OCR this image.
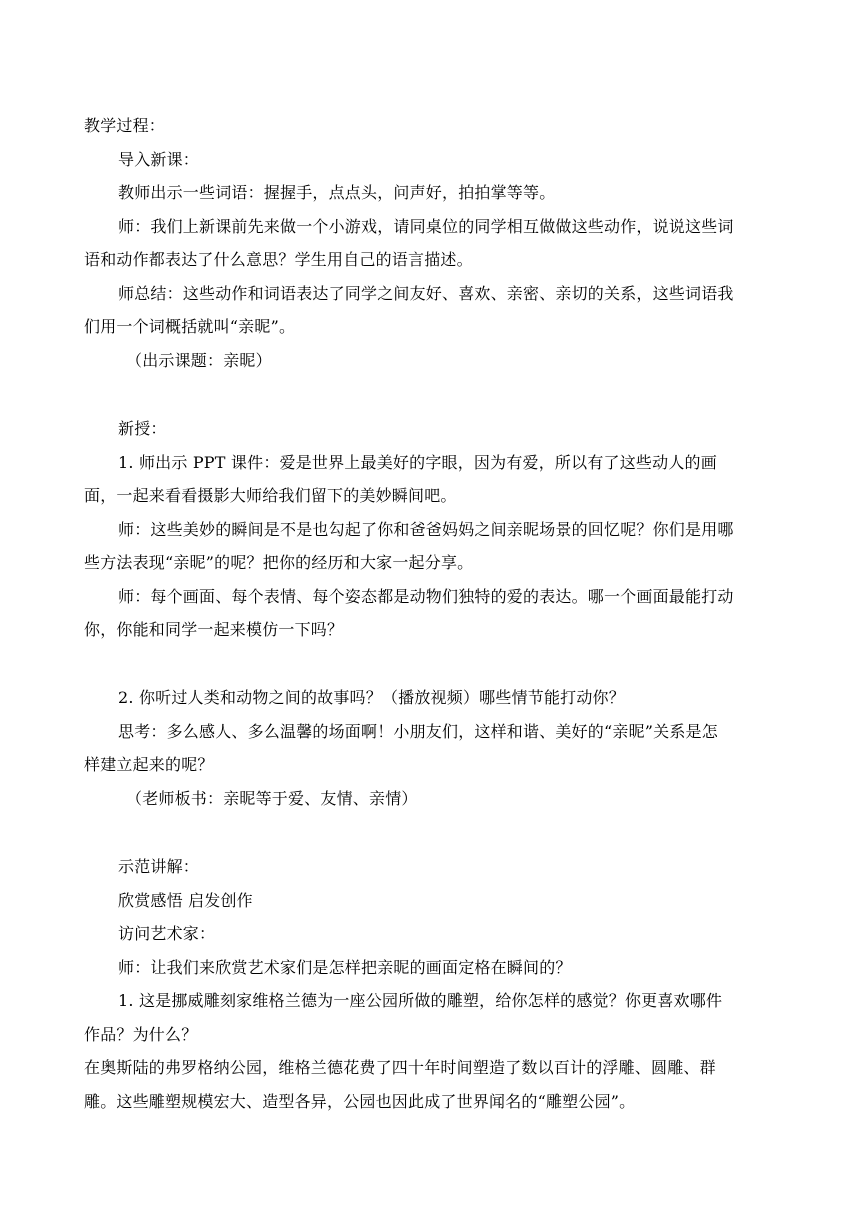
教学过程：
导入新课：
教师出示一些词语：握握手，点点头，问声好，拍拍掌等等。
师：我们上新课前先来做一个小游戏，请同桌位的同学相互做做这些动作，说说这些词
语和动作都表达了什么意思？学生用自己的语言描述。
师总结：这些动作和词语表达了同学之间友好、喜欢、亲密、亲切的关系，这些词语我
们用一个词概括就叫“亲昵”。
（出示课题：亲昵）
新授：
1. 师出示 PPT 课件：爱是世界上最美好的字眼，因为有爱，所以有了这些动人的画
面，一起来看看摄影大师给我们留下的美妙瞬间吧。
师：这些美妙的瞬间是不是也勾起了你和爸爸妈妈之间亲昵场景的回忆呢？你们是用哪
些方法表现“亲昵”的呢？把你的经历和大家一起分享。
师：每个画面、每个表情、每个姿态都是动物们独特的爱的表达。哪一个画面最能打动
你，你能和同学一起来模仿一下吗？
2. 你听过人类和动物之间的故事吗？（播放视频）哪些情节能打动你？
思考：多么感人、多么温馨的场面啊！小朋友们，这样和谐、美好的“亲昵”关系是怎
样建立起来的呢？
（老师板书：亲昵等于爱、友情、亲情）
示范讲解：
欣赏感悟 启发创作
访问艺术家：
师：让我们来欣赏艺术家们是怎样把亲昵的画面定格在瞬间的？
1. 这是挪威雕刻家维格兰德为一座公园所做的雕塑，给你怎样的感觉？你更喜欢哪件
作品？为什么？
在奥斯陆的弗罗格纳公园，维格兰德花费了四十年时间塑造了数以百计的浮雕、圆雕、群
雕。这些雕塑规模宏大、造型各异，公园也因此成了世界闻名的“雕塑公园”。
